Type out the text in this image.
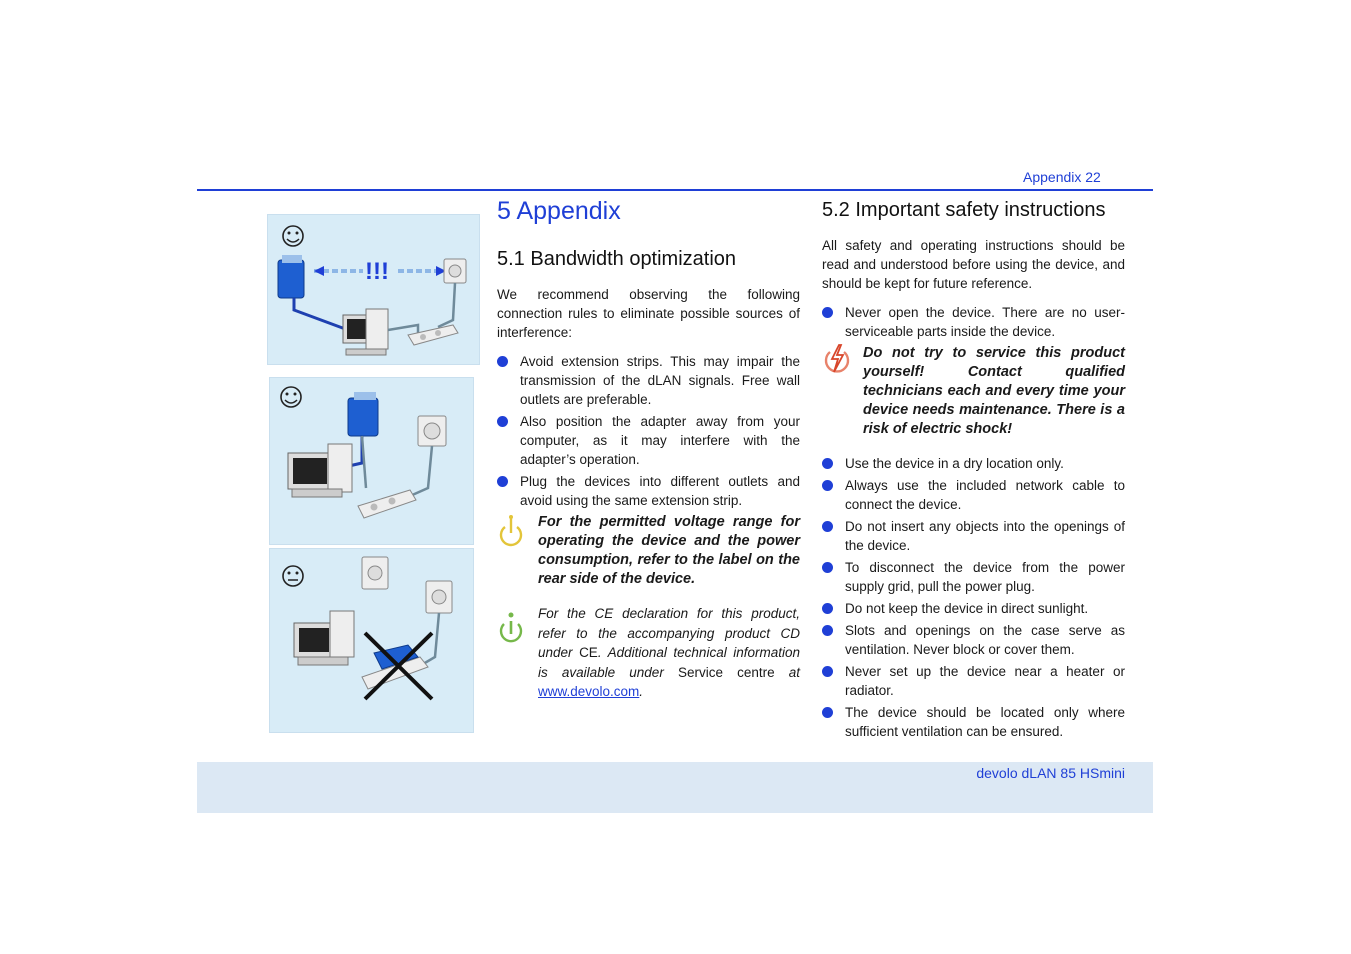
Appendix 22
!!!
5 Appendix
5.1 Bandwidth optimization

We recommend observing the following connection rules to eliminate possible sources of interference:

Avoid extension strips. This may impair the transmission of the dLAN signals. Free wall outlets are preferable.
Also position the adapter away from your computer, as it may interfere with the adapter’s operation.
Plug the devices into different outlets and avoid using the same extension strip.
For the permitted voltage range for operating the device and the power consumption, refer to the label on the rear side of the device.
For the CE declaration for this product, refer to the accompanying product CD under CE. Additional technical information is available under Service centre at www.devolo.com.
5.2 Important safety instructions

All safety and operating instructions should be read and understood before using the device, and should be kept for future reference.

Never open the device. There are no user-serviceable parts inside the device.
Do not try to service this product yourself! Contact qualified technicians each and every time your device needs maintenance. There is a risk of electric shock!
Use the device in a dry location only.
Always use the included network cable to connect the device.
Do not insert any objects into the openings of the device.
To disconnect the device from the power supply grid, pull the power plug.
Do not keep the device in direct sunlight.
Slots and openings on the case serve as ventilation. Never block or cover them.
Never set up the device near a heater or radiator.
The device should be located only where sufficient ventilation can be ensured.
devolo dLAN 85 HSmini
